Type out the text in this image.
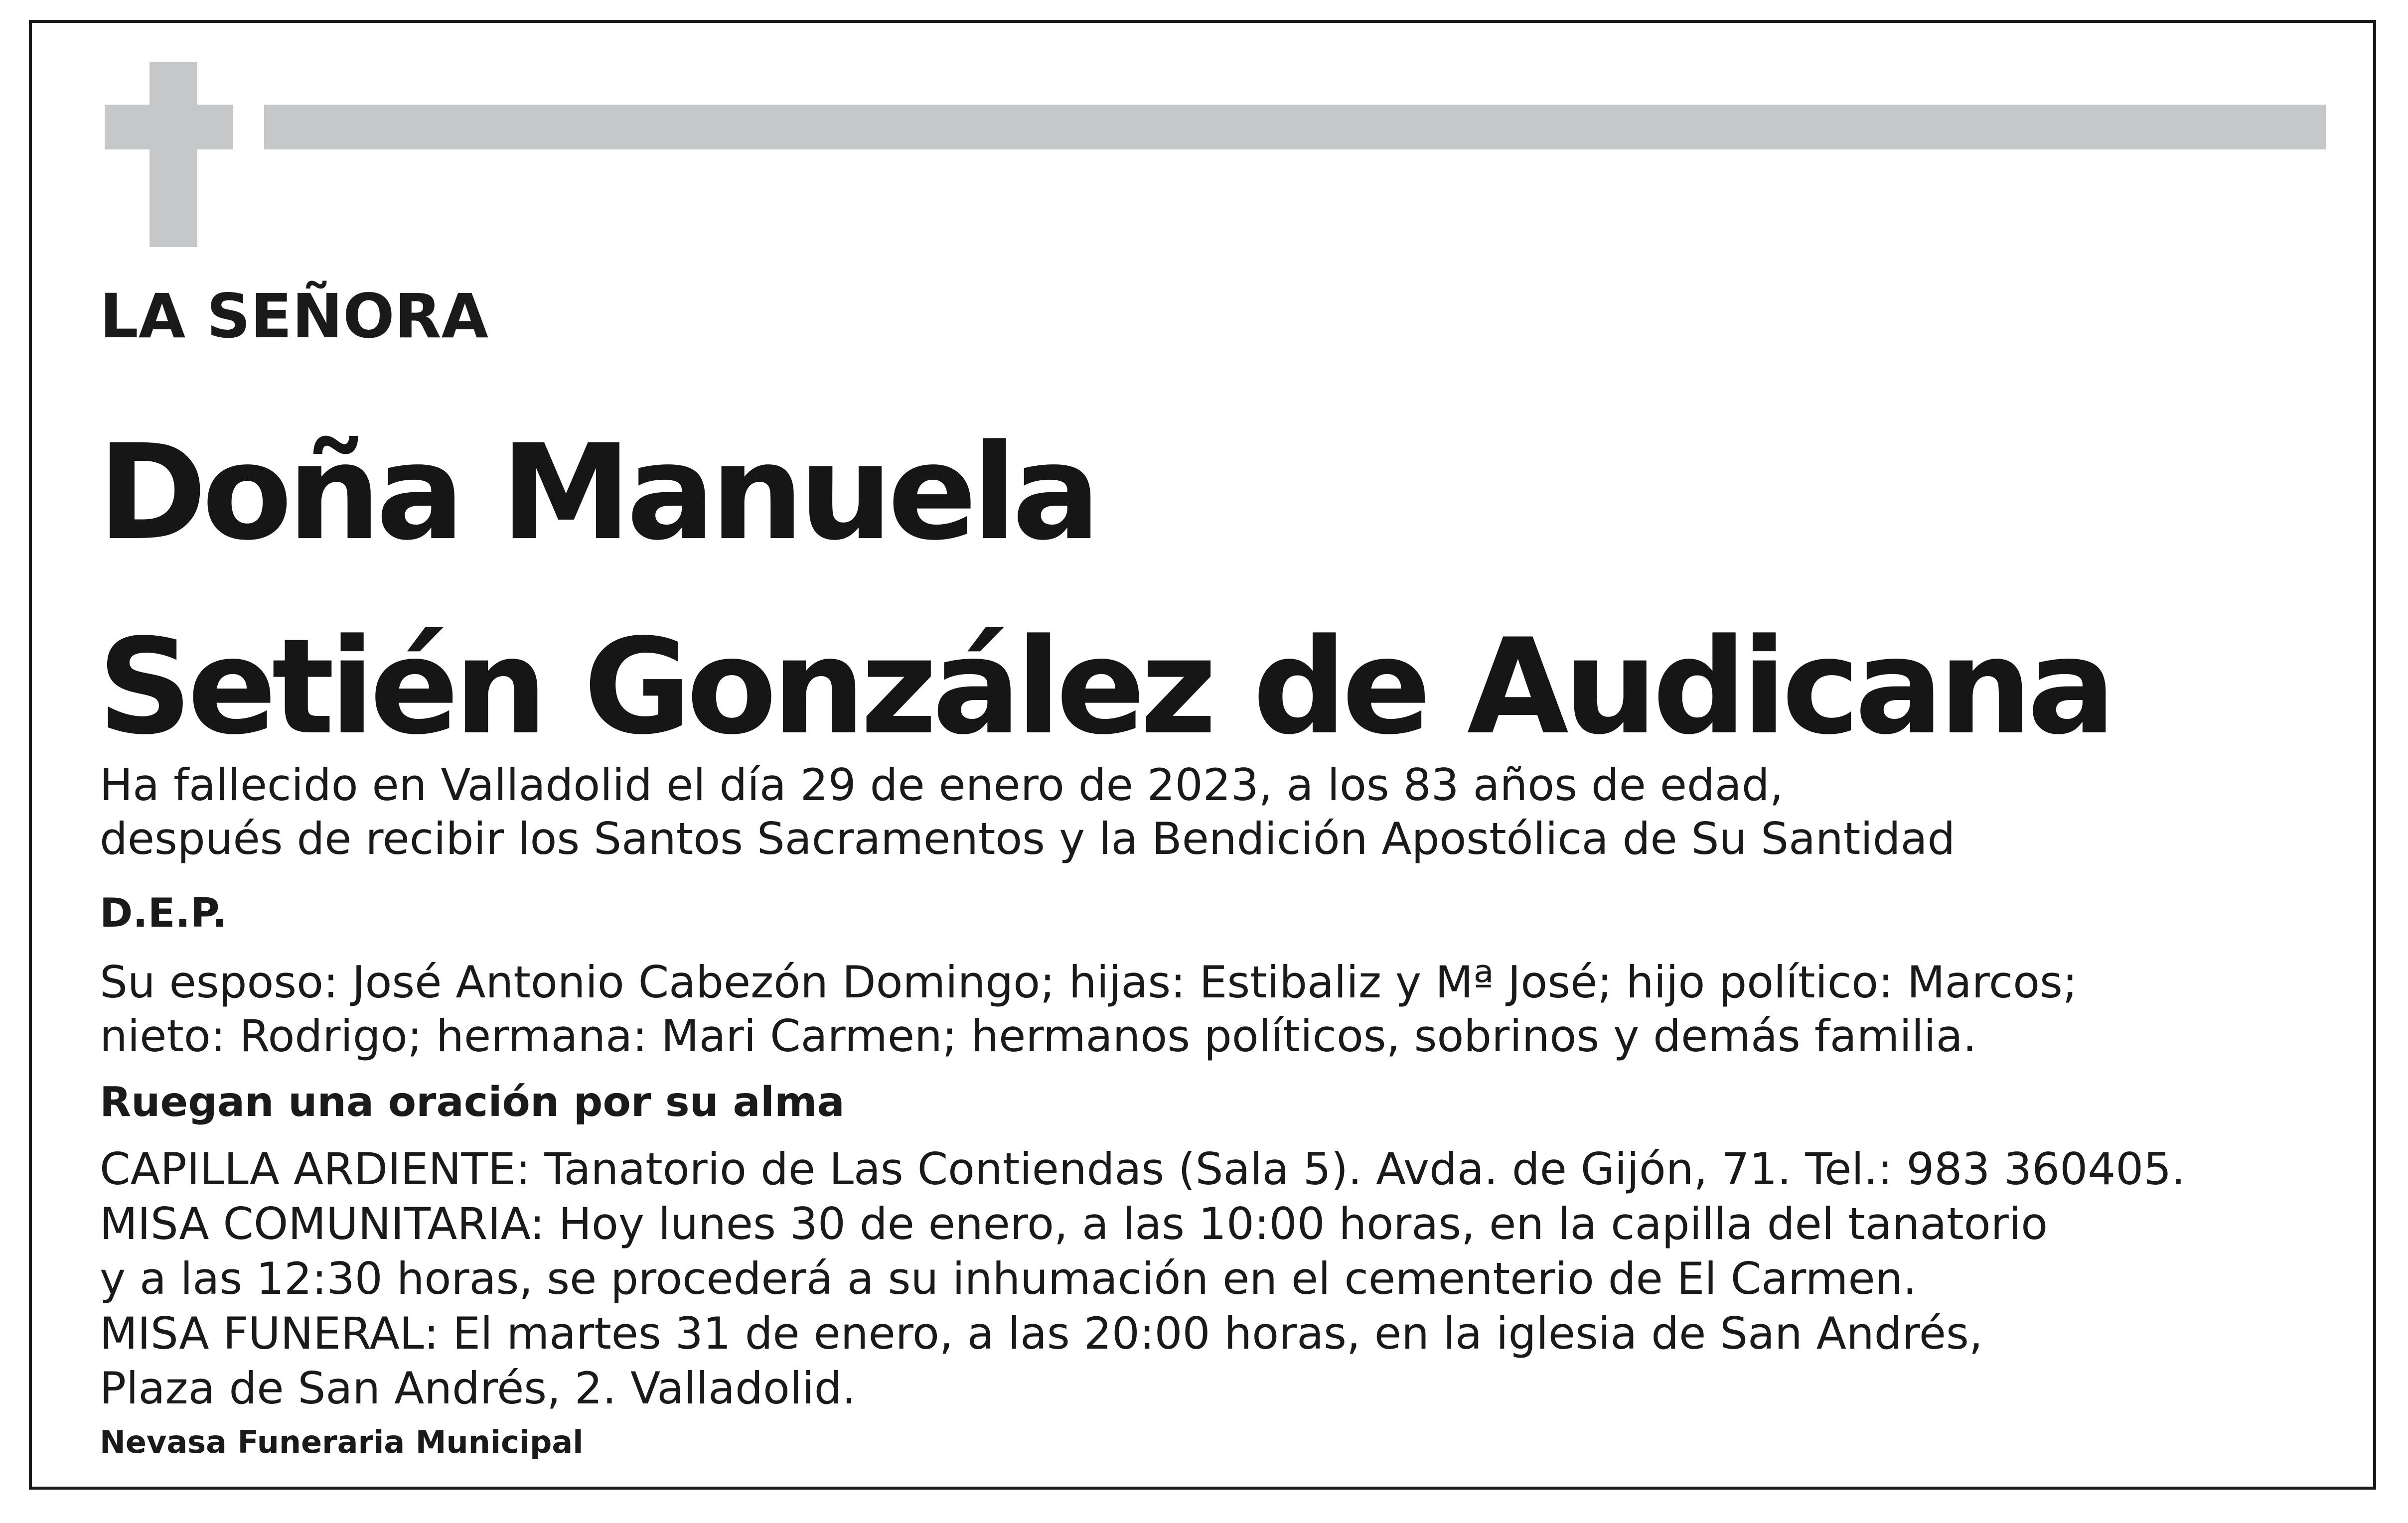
LA SEÑORA
Doña Manuela
Setién González de Audicana
Ha fallecido en Valladolid el día 29 de enero de 2023, a los 83 años de edad,
después de recibir los Santos Sacramentos y la Bendición Apostólica de Su Santidad
D.E.P.
Su esposo: José Antonio Cabezón Domingo; hijas: Estibaliz y Mª José; hijo político: Marcos;
nieto: Rodrigo; hermana: Mari Carmen; hermanos políticos, sobrinos y demás familia.
Ruegan una oración por su alma
CAPILLA ARDIENTE: Tanatorio de Las Contiendas (Sala 5). Avda. de Gijón, 71. Tel.: 983 360405.
MISA COMUNITARIA: Hoy lunes 30 de enero, a las 10:00 horas, en la capilla del tanatorio
y a las 12:30 horas, se procederá a su inhumación en el cementerio de El Carmen.
MISA FUNERAL: El martes 31 de enero, a las 20:00 horas, en la iglesia de San Andrés,
Plaza de San Andrés, 2. Valladolid.
Nevasa Funeraria Municipal
